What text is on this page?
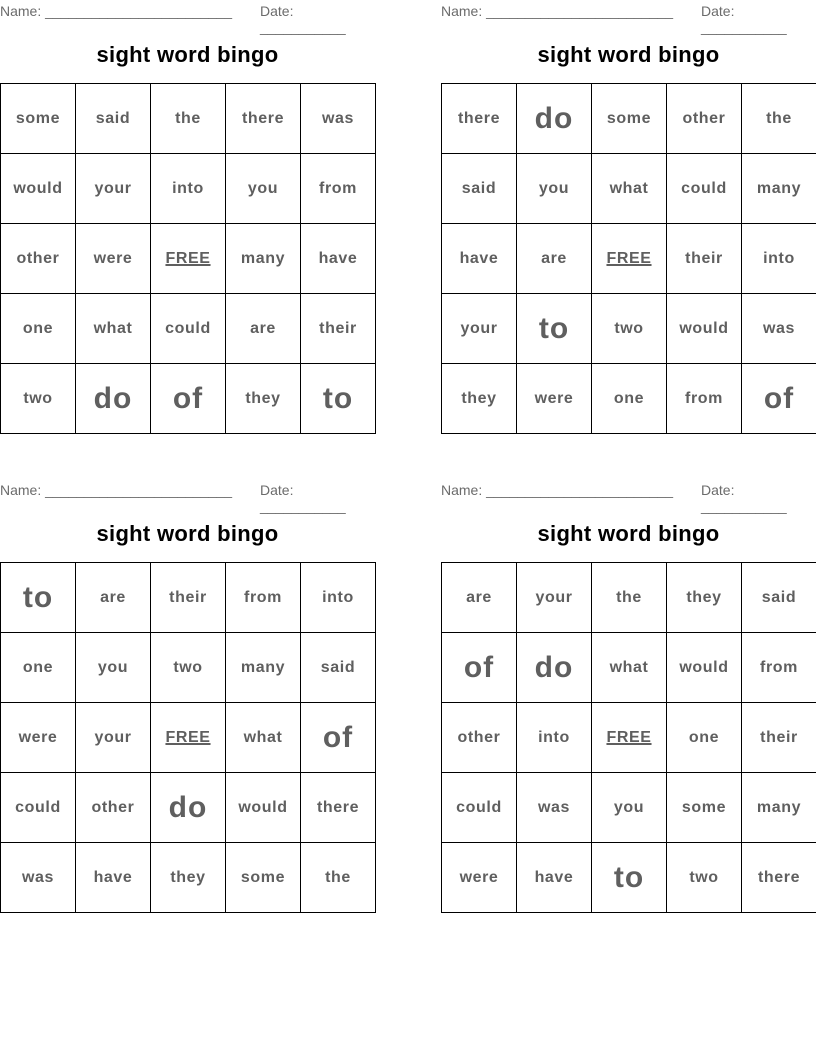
Name: ________________________ Date: ___________
sight word bingo
some	said	the	there	was
would	your	into	you	from
other	were	FREE	many	have
one	what	could	are	their
two	do	of	they	to
Name: ________________________ Date: ___________
sight word bingo
there	do	some	other	the
said	you	what	could	many
have	are	FREE	their	into
your	to	two	would	was
they	were	one	from	of
Name: ________________________ Date: ___________
sight word bingo
to	are	their	from	into
one	you	two	many	said
were	your	FREE	what	of
could	other	do	would	there
was	have	they	some	the
Name: ________________________ Date: ___________
sight word bingo
are	your	the	they	said
of	do	what	would	from
other	into	FREE	one	their
could	was	you	some	many
were	have	to	two	there
